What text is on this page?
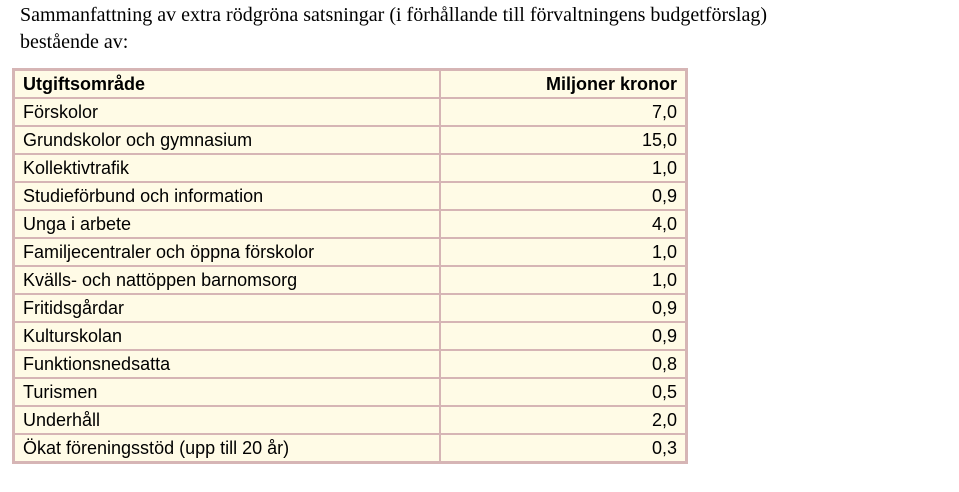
Sammanfattning av extra rödgröna satsningar (i förhållande till förvaltningens budgetförslag)
bestående av:
Utgiftsområde	Miljoner kronor
Förskolor	7,0
Grundskolor och gymnasium	15,0
Kollektivtrafik	1,0
Studieförbund och information	0,9
Unga i arbete	4,0
Familjecentraler och öppna förskolor	1,0
Kvälls- och nattöppen barnomsorg	1,0
Fritidsgårdar	0,9
Kulturskolan	0,9
Funktionsnedsatta	0,8
Turismen	0,5
Underhåll	2,0
Ökat föreningsstöd (upp till 20 år)	0,3
